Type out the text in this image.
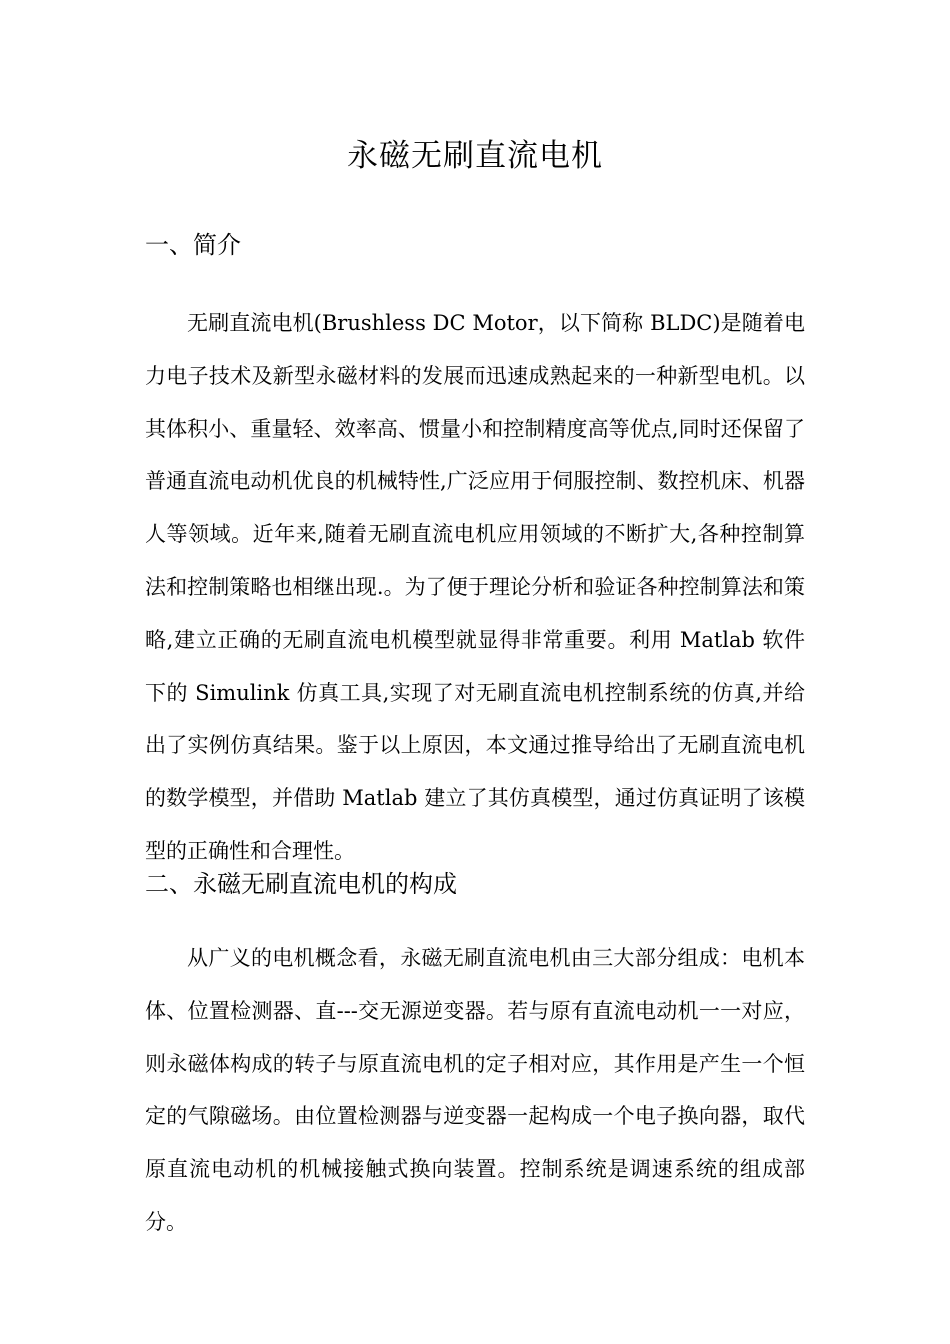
永磁无刷直流电机
一、简介

无刷直流电机(Brushless DC Motor，以下简称 BLDC)是随着电力电子技术及新型永磁材料的发展而迅速成熟起来的一种新型电机。以其体积小、重量轻、效率高、惯量小和控制精度高等优点,同时还保留了普通直流电动机优良的机械特性,广泛应用于伺服控制、数控机床、机器人等领域。近年来,随着无刷直流电机应用领域的不断扩大,各种控制算法和控制策略也相继出现.。为了便于理论分析和验证各种控制算法和策略,建立正确的无刷直流电机模型就显得非常重要。利用 Matlab 软件下的 Simulink 仿真工具,实现了对无刷直流电机控制系统的仿真,并给出了实例仿真结果。鉴于以上原因，本文通过推导给出了无刷直流电机的数学模型，并借助 Matlab 建立了其仿真模型，通过仿真证明了该模型的正确性和合理性。

二、永磁无刷直流电机的构成

从广义的电机概念看，永磁无刷直流电机由三大部分组成：电机本体、位置检测器、直---交无源逆变器。若与原有直流电动机一一对应，则永磁体构成的转子与原直流电机的定子相对应，其作用是产生一个恒定的气隙磁场。由位置检测器与逆变器一起构成一个电子换向器，取代原直流电动机的机械接触式换向装置。控制系统是调速系统的组成部分。
